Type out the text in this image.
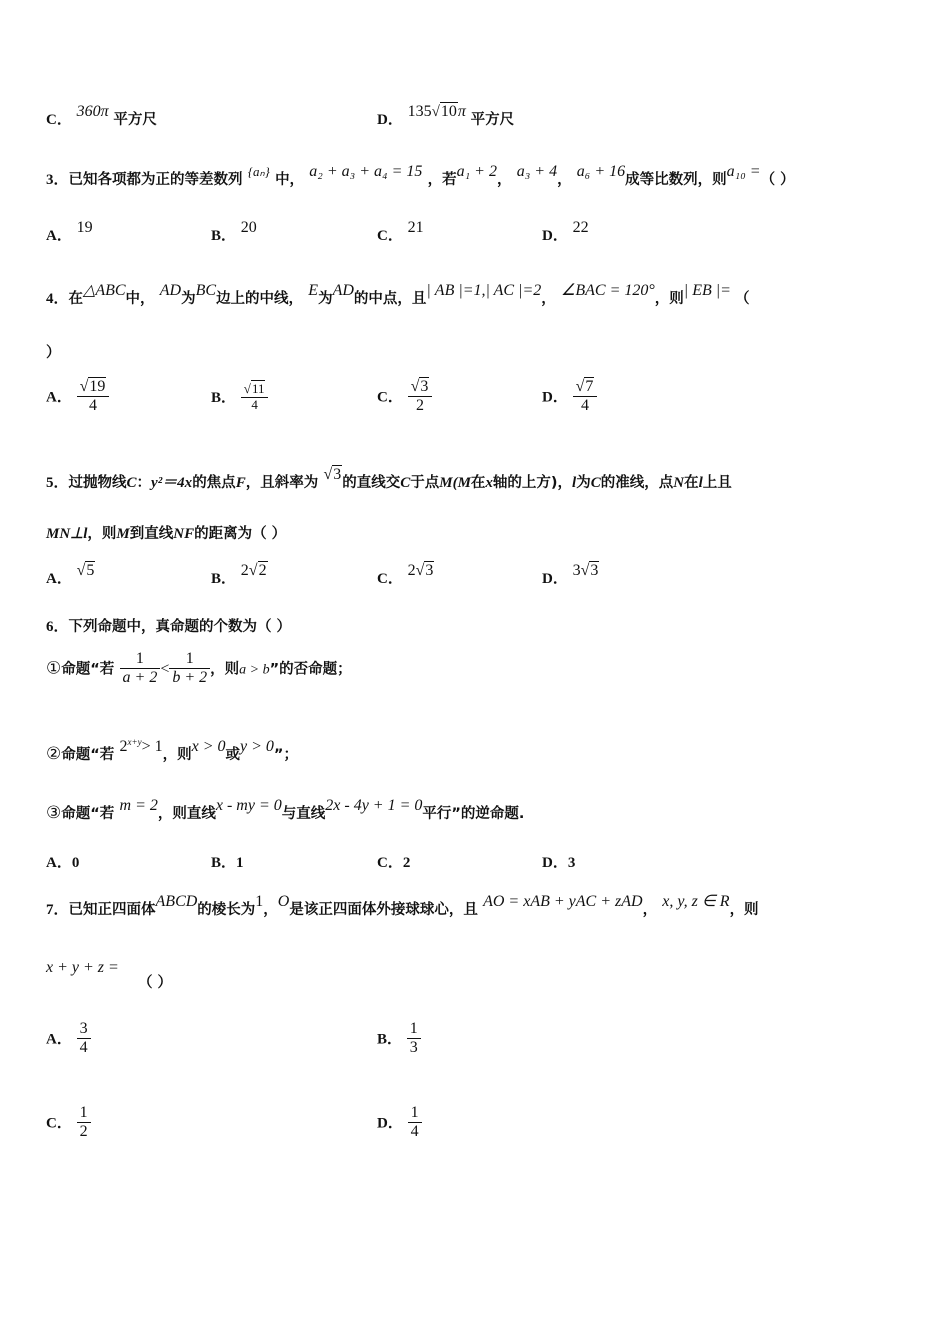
C． 360π 平方尺	D． 135√10π 平方尺
3．已知各项都为正的等差数列 {aₙ} 中， a₂ + a₃ + a₄ = 15 ，若a₁ + 2， a₃ + 4， a₆ + 16成等比数列，则a₁₀ =（ ）
A． 19	B． 20	C． 21	D． 22
4．在△ABC中， AD为BC边上的中线， E为AD的中点，且| AB |=1,| AC |=2， ∠BAC = 120°，则| EB |= （
）
A． $\frac{√19}{4}$	B． $\frac{√11}{4}$	C． $\frac{√3}{2}$	D． $\frac{√7}{4}$
5．过抛物线C：y²＝4x的焦点F，且斜率为 √3的直线交C于点M(M在x轴的上方)，l为C的准线，点N在l上且
MN⊥l，则M到直线NF的距离为（ ）
A． √5	B． 2√2	C． 2√3	D． 3√3
6．下列命题中，真命题的个数为（ ）
①命题“若 $\frac{1}{a + 2} < \frac{1}{b + 2}$ ，则a > b”的否命题；
②命题“若 $2^{x+y}> 1$，则x > 0或y > 0”；
③命题“若 m = 2，则直线x - my = 0与直线2x - 4y + 1 = 0平行”的逆命题.
A．0	B．1	C．2	D．3
7．已知正四面体ABCD的棱长为1，O是该正四面体外接球球心，且 AO = xAB + yAC + zAD， x, y, z ∈ R，则
x + y + z =
（ ）
A． $\frac{3}{4}$	B． $\frac{1}{3}$
C． $\frac{1}{2}$	D． $\frac{1}{4}$
